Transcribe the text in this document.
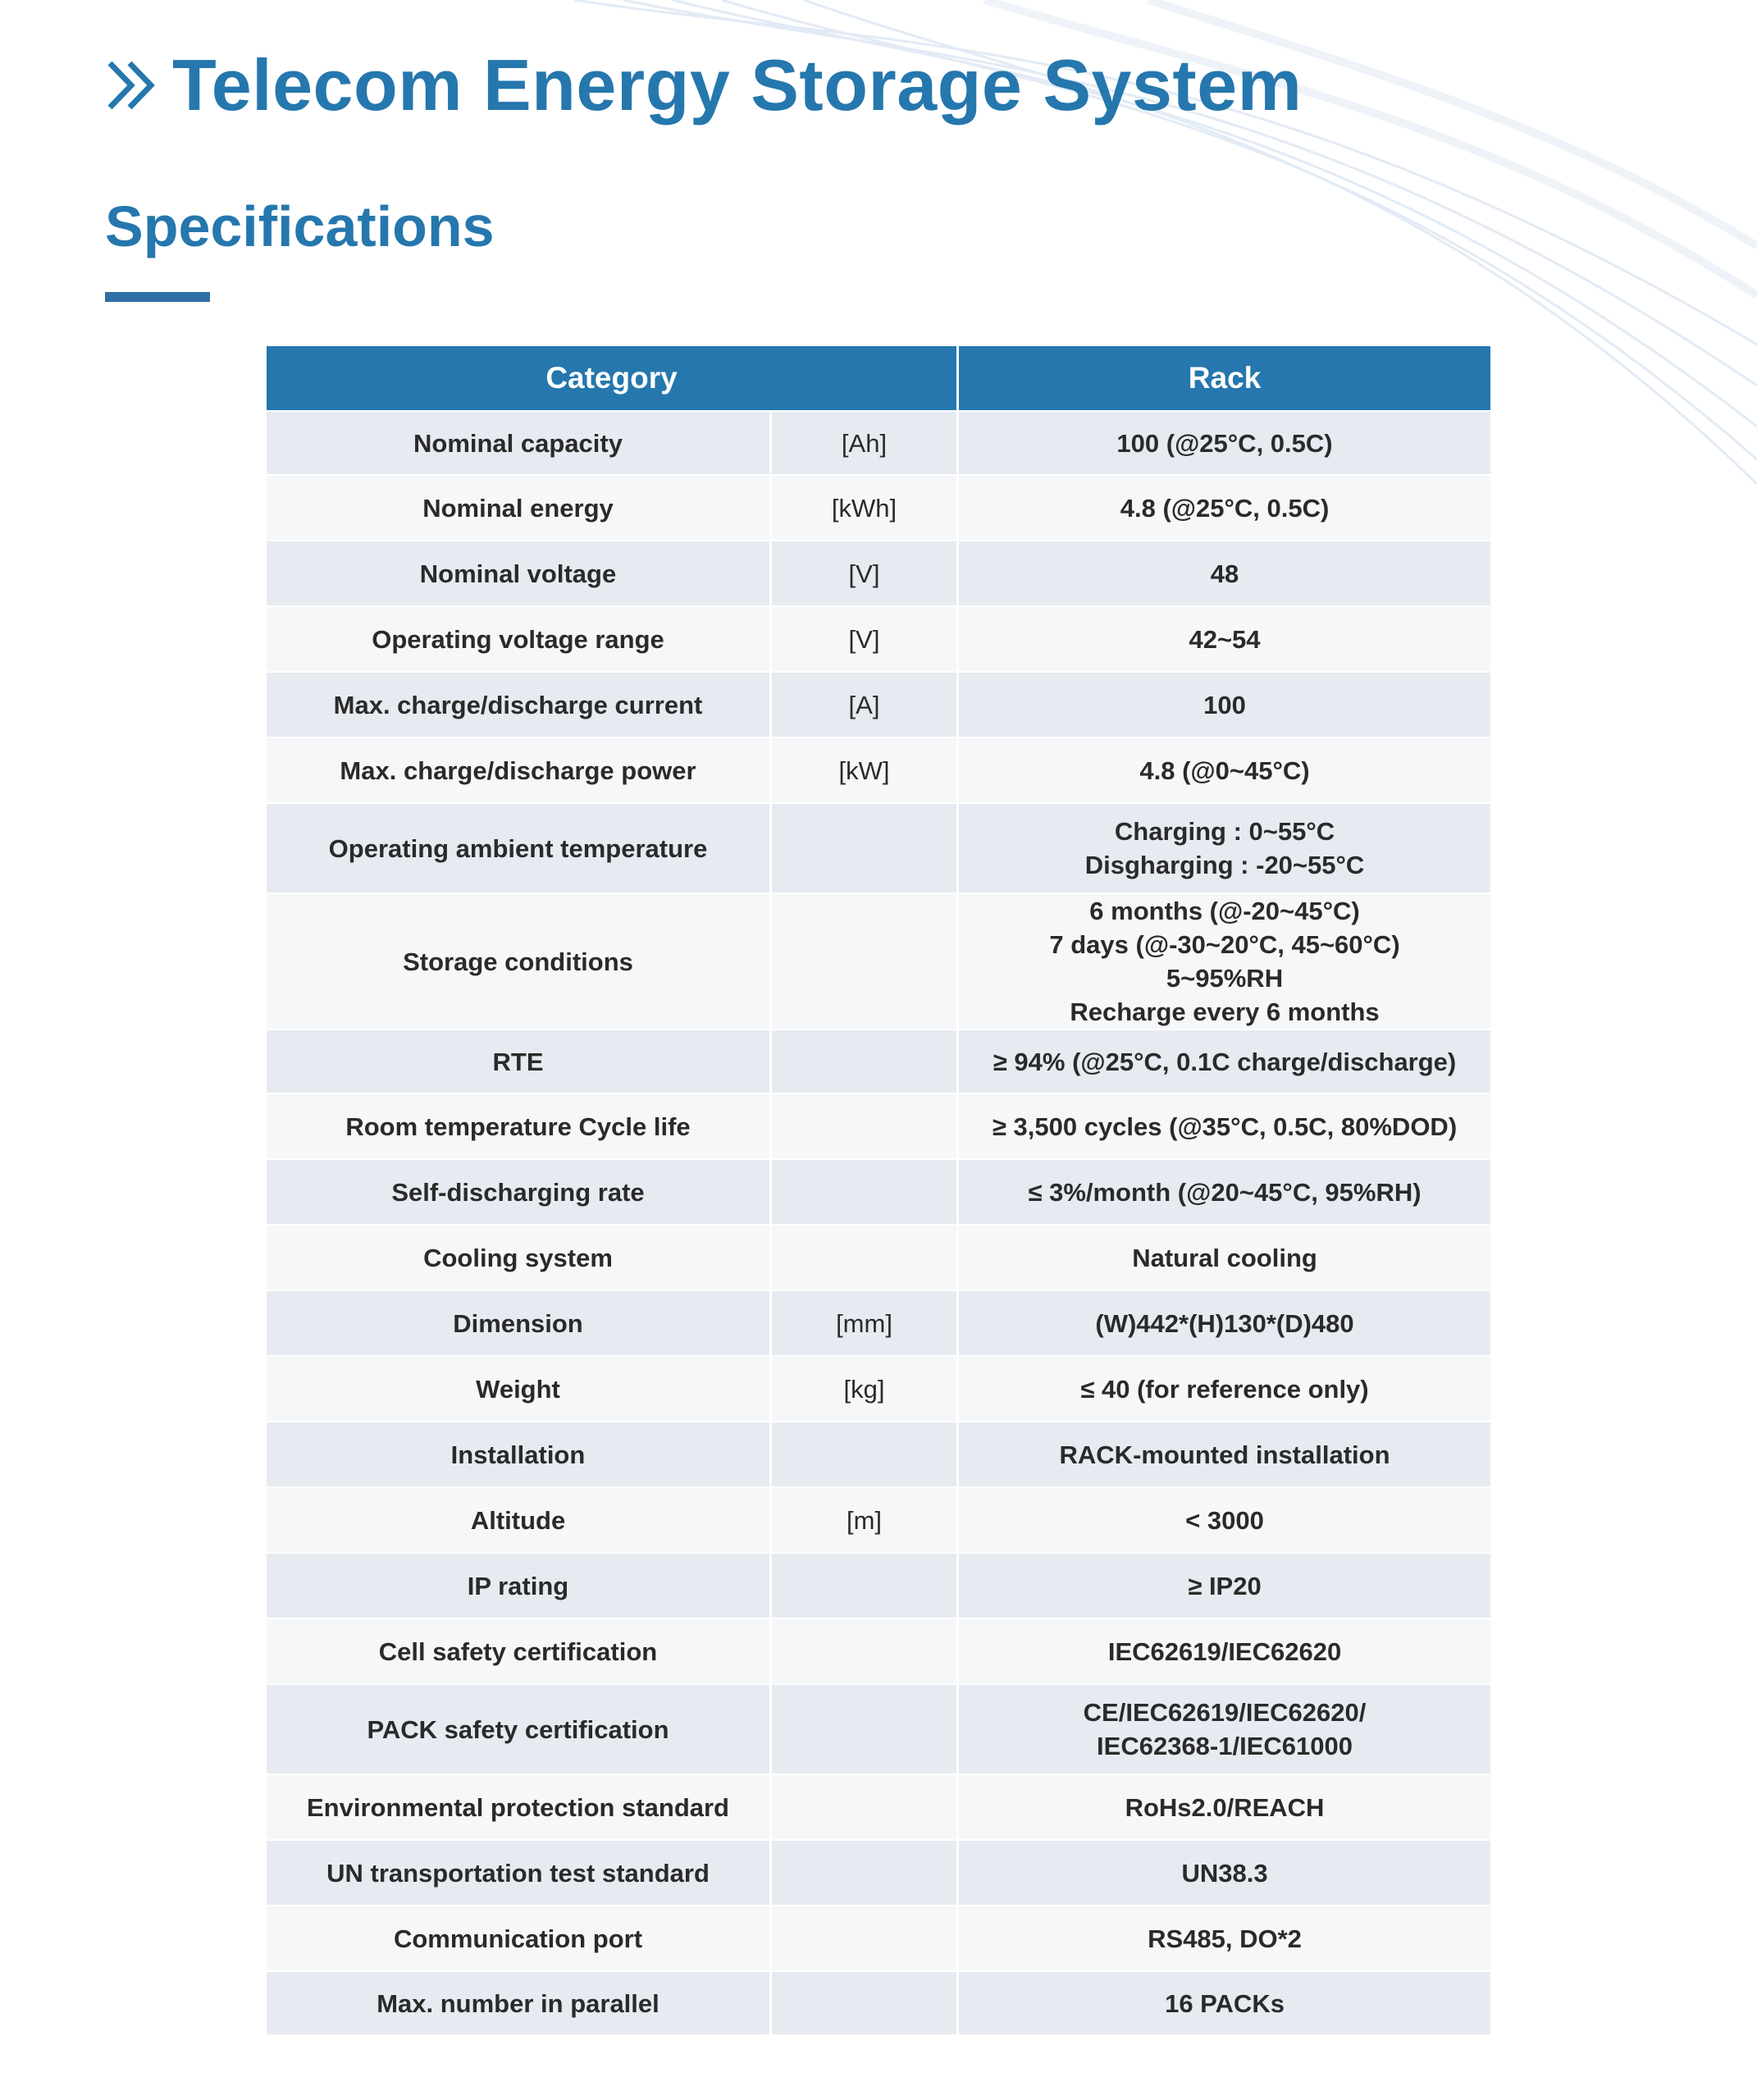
Telecom Energy Storage System
Specifications
Category		Rack
Nominal capacity	[Ah]	100 (@25°C, 0.5C)

Nominal energy	[kWh]	4.8 (@25°C, 0.5C)

Nominal voltage	[V]	48

Operating voltage range	[V]	42~54

Max. charge/discharge current	[A]	100

Max. charge/discharge power	[kW]	4.8 (@0~45°C)

Operating ambient temperature		Charging : 0~55°C
Disgharging : -20~55°C

Storage conditions		6 months (@-20~45°C)
7 days (@-30~20°C, 45~60°C)
5~95%RH
Recharge every 6 months

RTE		≥ 94% (@25°C, 0.1C charge/discharge)

Room temperature Cycle life		≥ 3,500 cycles (@35°C, 0.5C, 80%DOD)

Self-discharging rate		≤ 3%/month (@20~45°C, 95%RH)

Cooling system		Natural cooling

Dimension	[mm]	(W)442*(H)130*(D)480

Weight	[kg]	≤ 40 (for reference only)

Installation		RACK-mounted installation

Altitude	[m]	< 3000

IP rating		≥ IP20

Cell safety certification		IEC62619/IEC62620

PACK safety certification		CE/IEC62619/IEC62620/
IEC62368-1/IEC61000

Environmental protection standard		RoHs2.0/REACH

UN transportation test standard		UN38.3

Communication port		RS485, DO*2

Max. number in parallel		16 PACKs
